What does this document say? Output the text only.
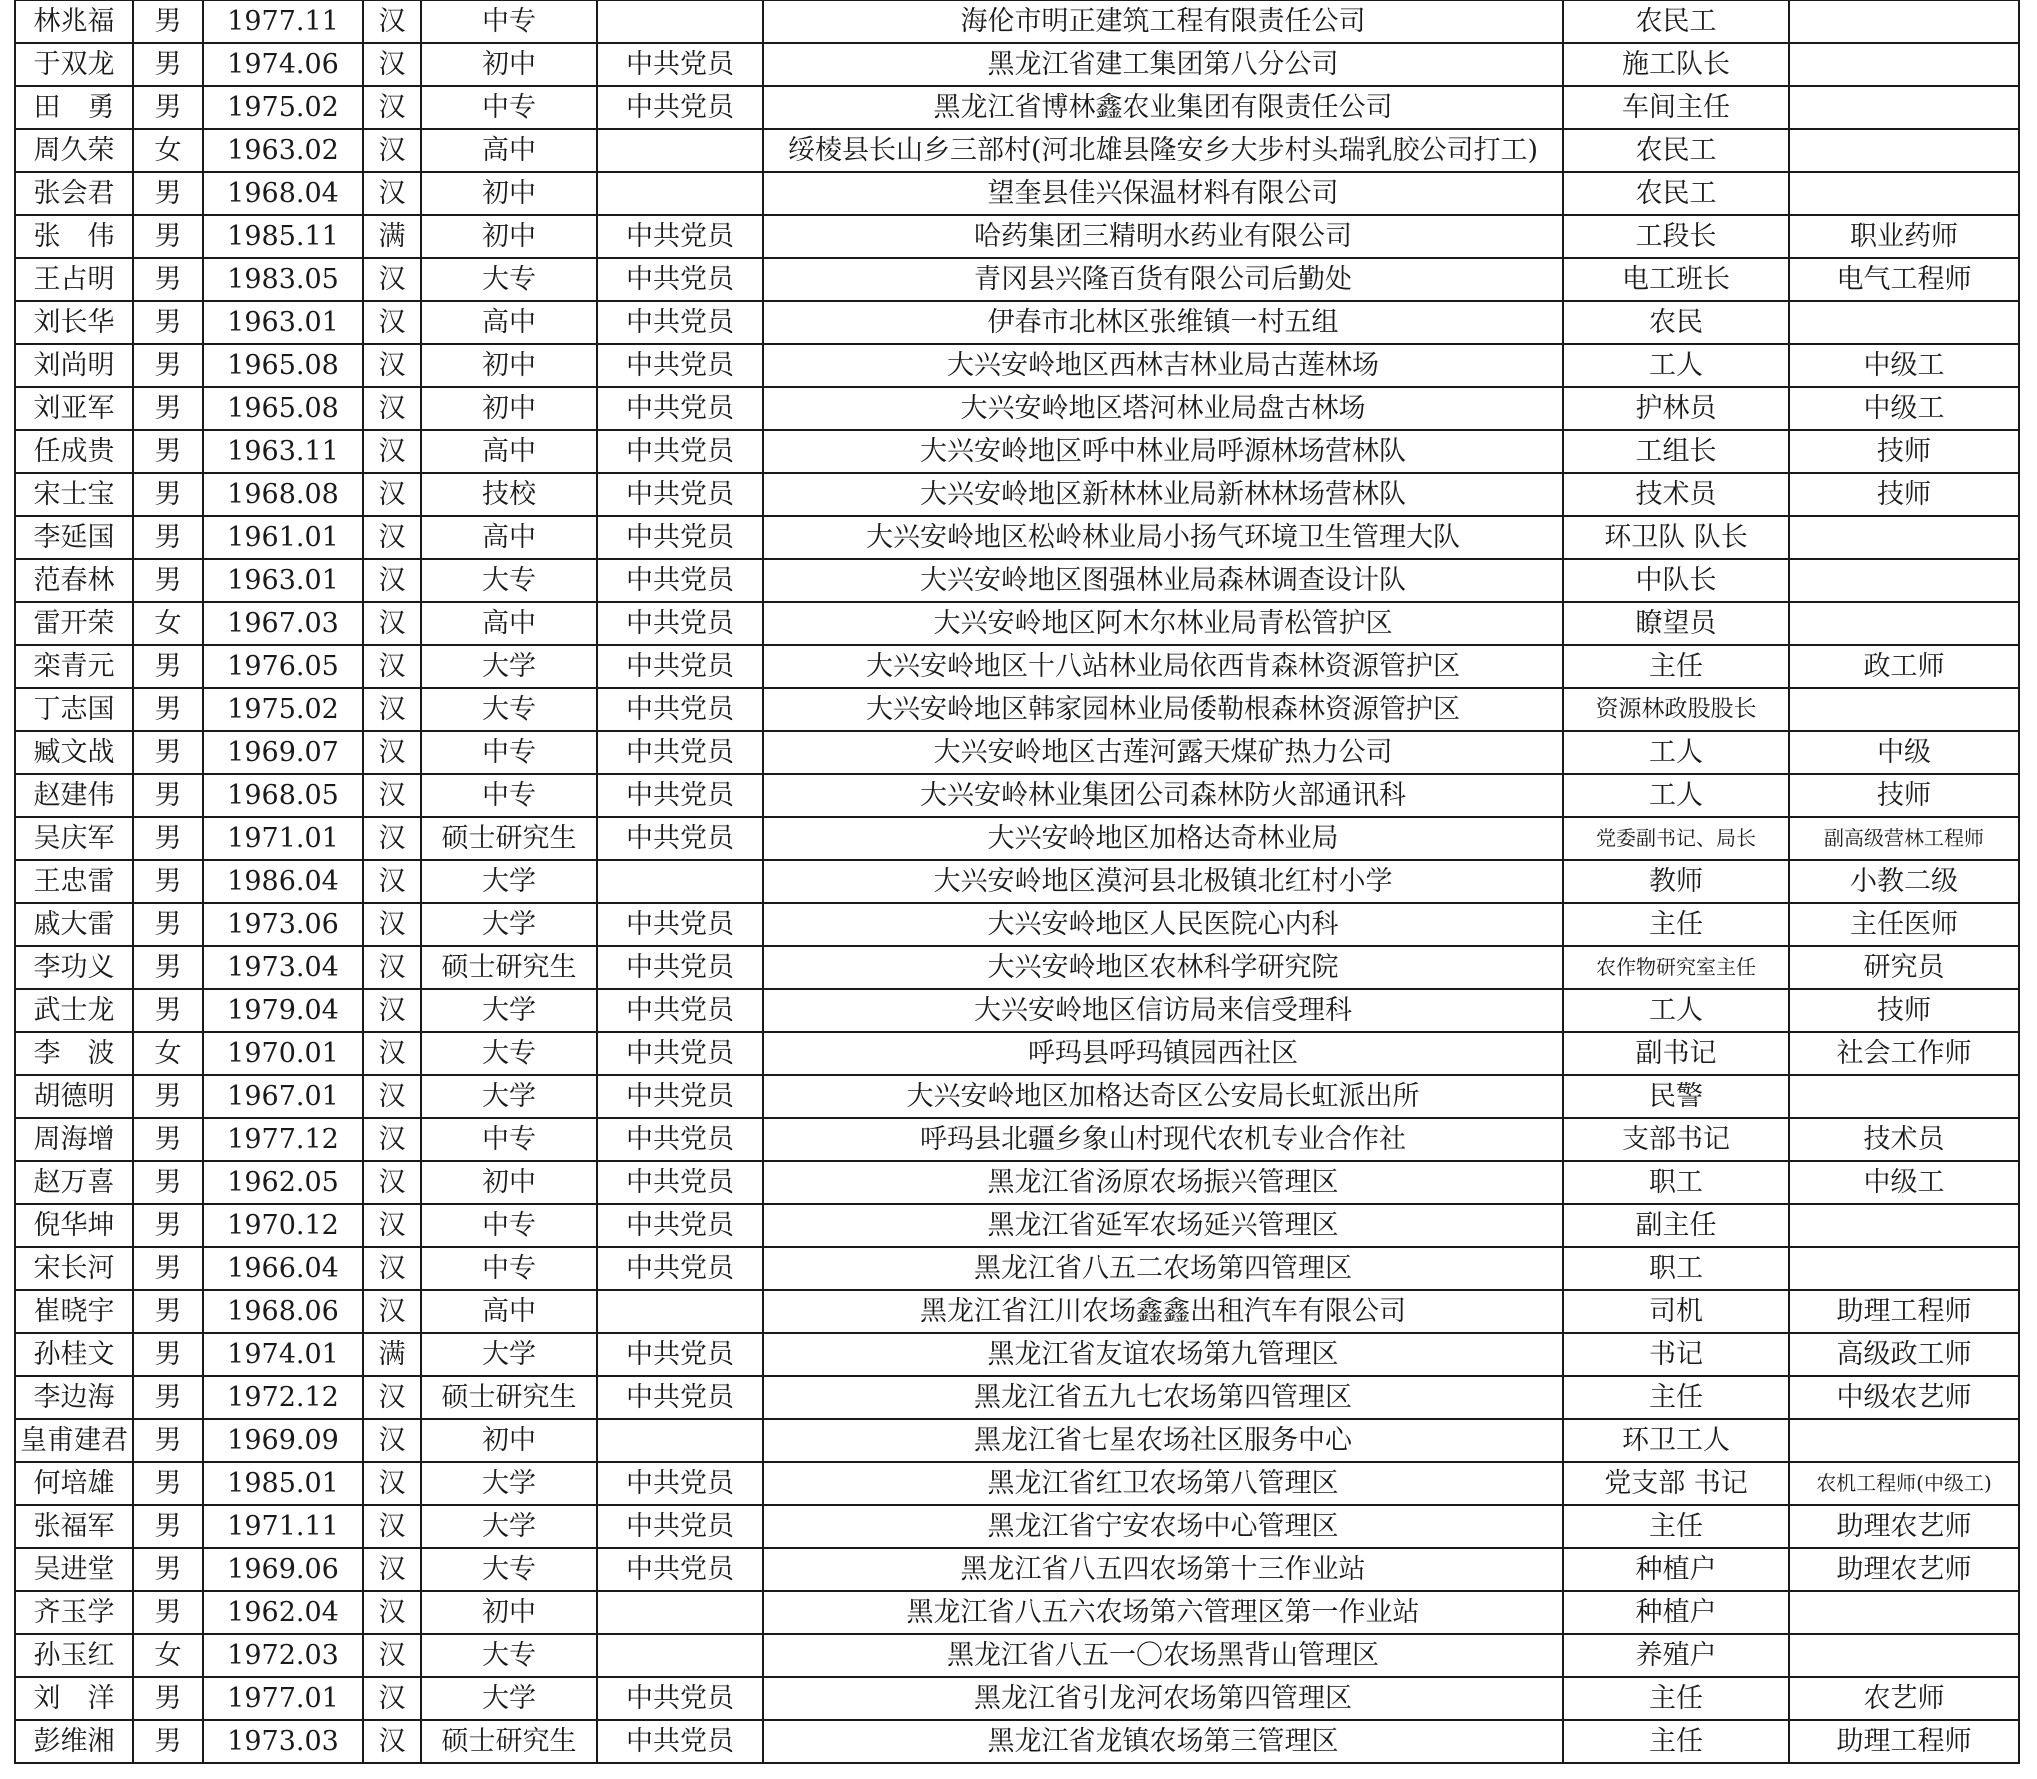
林兆福	男	1977.11	汉	中专		海伦市明正建筑工程有限责任公司	农民工	
于双龙	男	1974.06	汉	初中	中共党员	黑龙江省建工集团第八分公司	施工队长	
田　勇	男	1975.02	汉	中专	中共党员	黑龙江省博林鑫农业集团有限责任公司	车间主任	
周久荣	女	1963.02	汉	高中		绥棱县长山乡三部村(河北雄县隆安乡大步村头瑞乳胶公司打工)	农民工	
张会君	男	1968.04	汉	初中		望奎县佳兴保温材料有限公司	农民工	
张　伟	男	1985.11	满	初中	中共党员	哈药集团三精明水药业有限公司	工段长	职业药师
王占明	男	1983.05	汉	大专	中共党员	青冈县兴隆百货有限公司后勤处	电工班长	电气工程师
刘长华	男	1963.01	汉	高中	中共党员	伊春市北林区张维镇一村五组	农民	
刘尚明	男	1965.08	汉	初中	中共党员	大兴安岭地区西林吉林业局古莲林场	工人	中级工
刘亚军	男	1965.08	汉	初中	中共党员	大兴安岭地区塔河林业局盘古林场	护林员	中级工
任成贵	男	1963.11	汉	高中	中共党员	大兴安岭地区呼中林业局呼源林场营林队	工组长	技师
宋士宝	男	1968.08	汉	技校	中共党员	大兴安岭地区新林林业局新林林场营林队	技术员	技师
李延国	男	1961.01	汉	高中	中共党员	大兴安岭地区松岭林业局小扬气环境卫生管理大队	环卫队 队长	
范春林	男	1963.01	汉	大专	中共党员	大兴安岭地区图强林业局森林调查设计队	中队长	
雷开荣	女	1967.03	汉	高中	中共党员	大兴安岭地区阿木尔林业局青松管护区	瞭望员	
栾青元	男	1976.05	汉	大学	中共党员	大兴安岭地区十八站林业局依西肯森林资源管护区	主任	政工师
丁志国	男	1975.02	汉	大专	中共党员	大兴安岭地区韩家园林业局倭勒根森林资源管护区	资源林政股股长	
臧文战	男	1969.07	汉	中专	中共党员	大兴安岭地区古莲河露天煤矿热力公司	工人	中级
赵建伟	男	1968.05	汉	中专	中共党员	大兴安岭林业集团公司森林防火部通讯科	工人	技师
吴庆军	男	1971.01	汉	硕士研究生	中共党员	大兴安岭地区加格达奇林业局	党委副书记、局长	副高级营林工程师
王忠雷	男	1986.04	汉	大学		大兴安岭地区漠河县北极镇北红村小学	教师	小教二级
戚大雷	男	1973.06	汉	大学	中共党员	大兴安岭地区人民医院心内科	主任	主任医师
李功义	男	1973.04	汉	硕士研究生	中共党员	大兴安岭地区农林科学研究院	农作物研究室主任	研究员
武士龙	男	1979.04	汉	大学	中共党员	大兴安岭地区信访局来信受理科	工人	技师
李　波	女	1970.01	汉	大专	中共党员	呼玛县呼玛镇园西社区	副书记	社会工作师
胡德明	男	1967.01	汉	大学	中共党员	大兴安岭地区加格达奇区公安局长虹派出所	民警	
周海增	男	1977.12	汉	中专	中共党员	呼玛县北疆乡象山村现代农机专业合作社	支部书记	技术员
赵万喜	男	1962.05	汉	初中	中共党员	黑龙江省汤原农场振兴管理区	职工	中级工
倪华坤	男	1970.12	汉	中专	中共党员	黑龙江省延军农场延兴管理区	副主任	
宋长河	男	1966.04	汉	中专	中共党员	黑龙江省八五二农场第四管理区	职工	
崔晓宇	男	1968.06	汉	高中		黑龙江省江川农场鑫鑫出租汽车有限公司	司机	助理工程师
孙桂文	男	1974.01	满	大学	中共党员	黑龙江省友谊农场第九管理区	书记	高级政工师
李边海	男	1972.12	汉	硕士研究生	中共党员	黑龙江省五九七农场第四管理区	主任	中级农艺师
皇甫建君	男	1969.09	汉	初中		黑龙江省七星农场社区服务中心	环卫工人	
何培雄	男	1985.01	汉	大学	中共党员	黑龙江省红卫农场第八管理区	党支部 书记	农机工程师(中级工)
张福军	男	1971.11	汉	大学	中共党员	黑龙江省宁安农场中心管理区	主任	助理农艺师
吴进堂	男	1969.06	汉	大专	中共党员	黑龙江省八五四农场第十三作业站	种植户	助理农艺师
齐玉学	男	1962.04	汉	初中		黑龙江省八五六农场第六管理区第一作业站	种植户	
孙玉红	女	1972.03	汉	大专		黑龙江省八五一〇农场黑背山管理区	养殖户	
刘　洋	男	1977.01	汉	大学	中共党员	黑龙江省引龙河农场第四管理区	主任	农艺师
彭维湘	男	1973.03	汉	硕士研究生	中共党员	黑龙江省龙镇农场第三管理区	主任	助理工程师
